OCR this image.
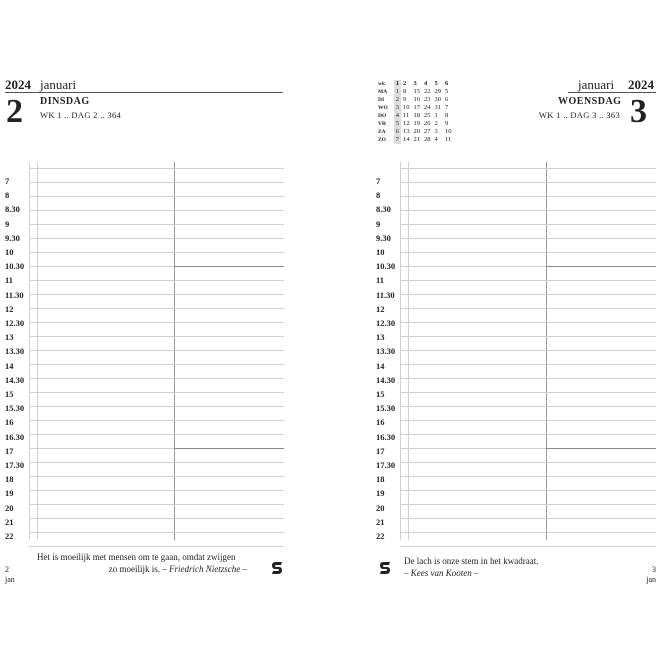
2024 januari
2 DINSDAG
WK 1 .. DAG 2 .. 364
7
8
8.30
9
9.30
10
10.30
11
11.30
12
12.30
13
13.30
14
14.30
15
15.30
16
16.30
17
17.30
18
19
20
21
22
Het is moeilijk met mensen om te gaan, omdat zwijgen
zo moeilijk is. – Friedrich Nietzsche –
2
jan
januari 2024
WOENSDAG
WK 1 .. DAG 3 .. 363 3
7
8
8.30
9
9.30
10
10.30
11
11.30
12
12.30
13
13.30
14
14.30
15
15.30
16
16.30
17
17.30
18
19
20
21
22
De lach is onze stem in het kwadraat.
– Kees van Kooten –	3
jan
wk	1	2	3	4	5	6
MA	1	8	15	22	29	5
DI	2	9	16	23	30	6
WO	3	10	17	24	31	7
DO	4	11	18	25	1	8
VR	5	12	19	26	2	9
ZA	6	13	20	27	3	10
ZO	7	14	21	28	4	11
